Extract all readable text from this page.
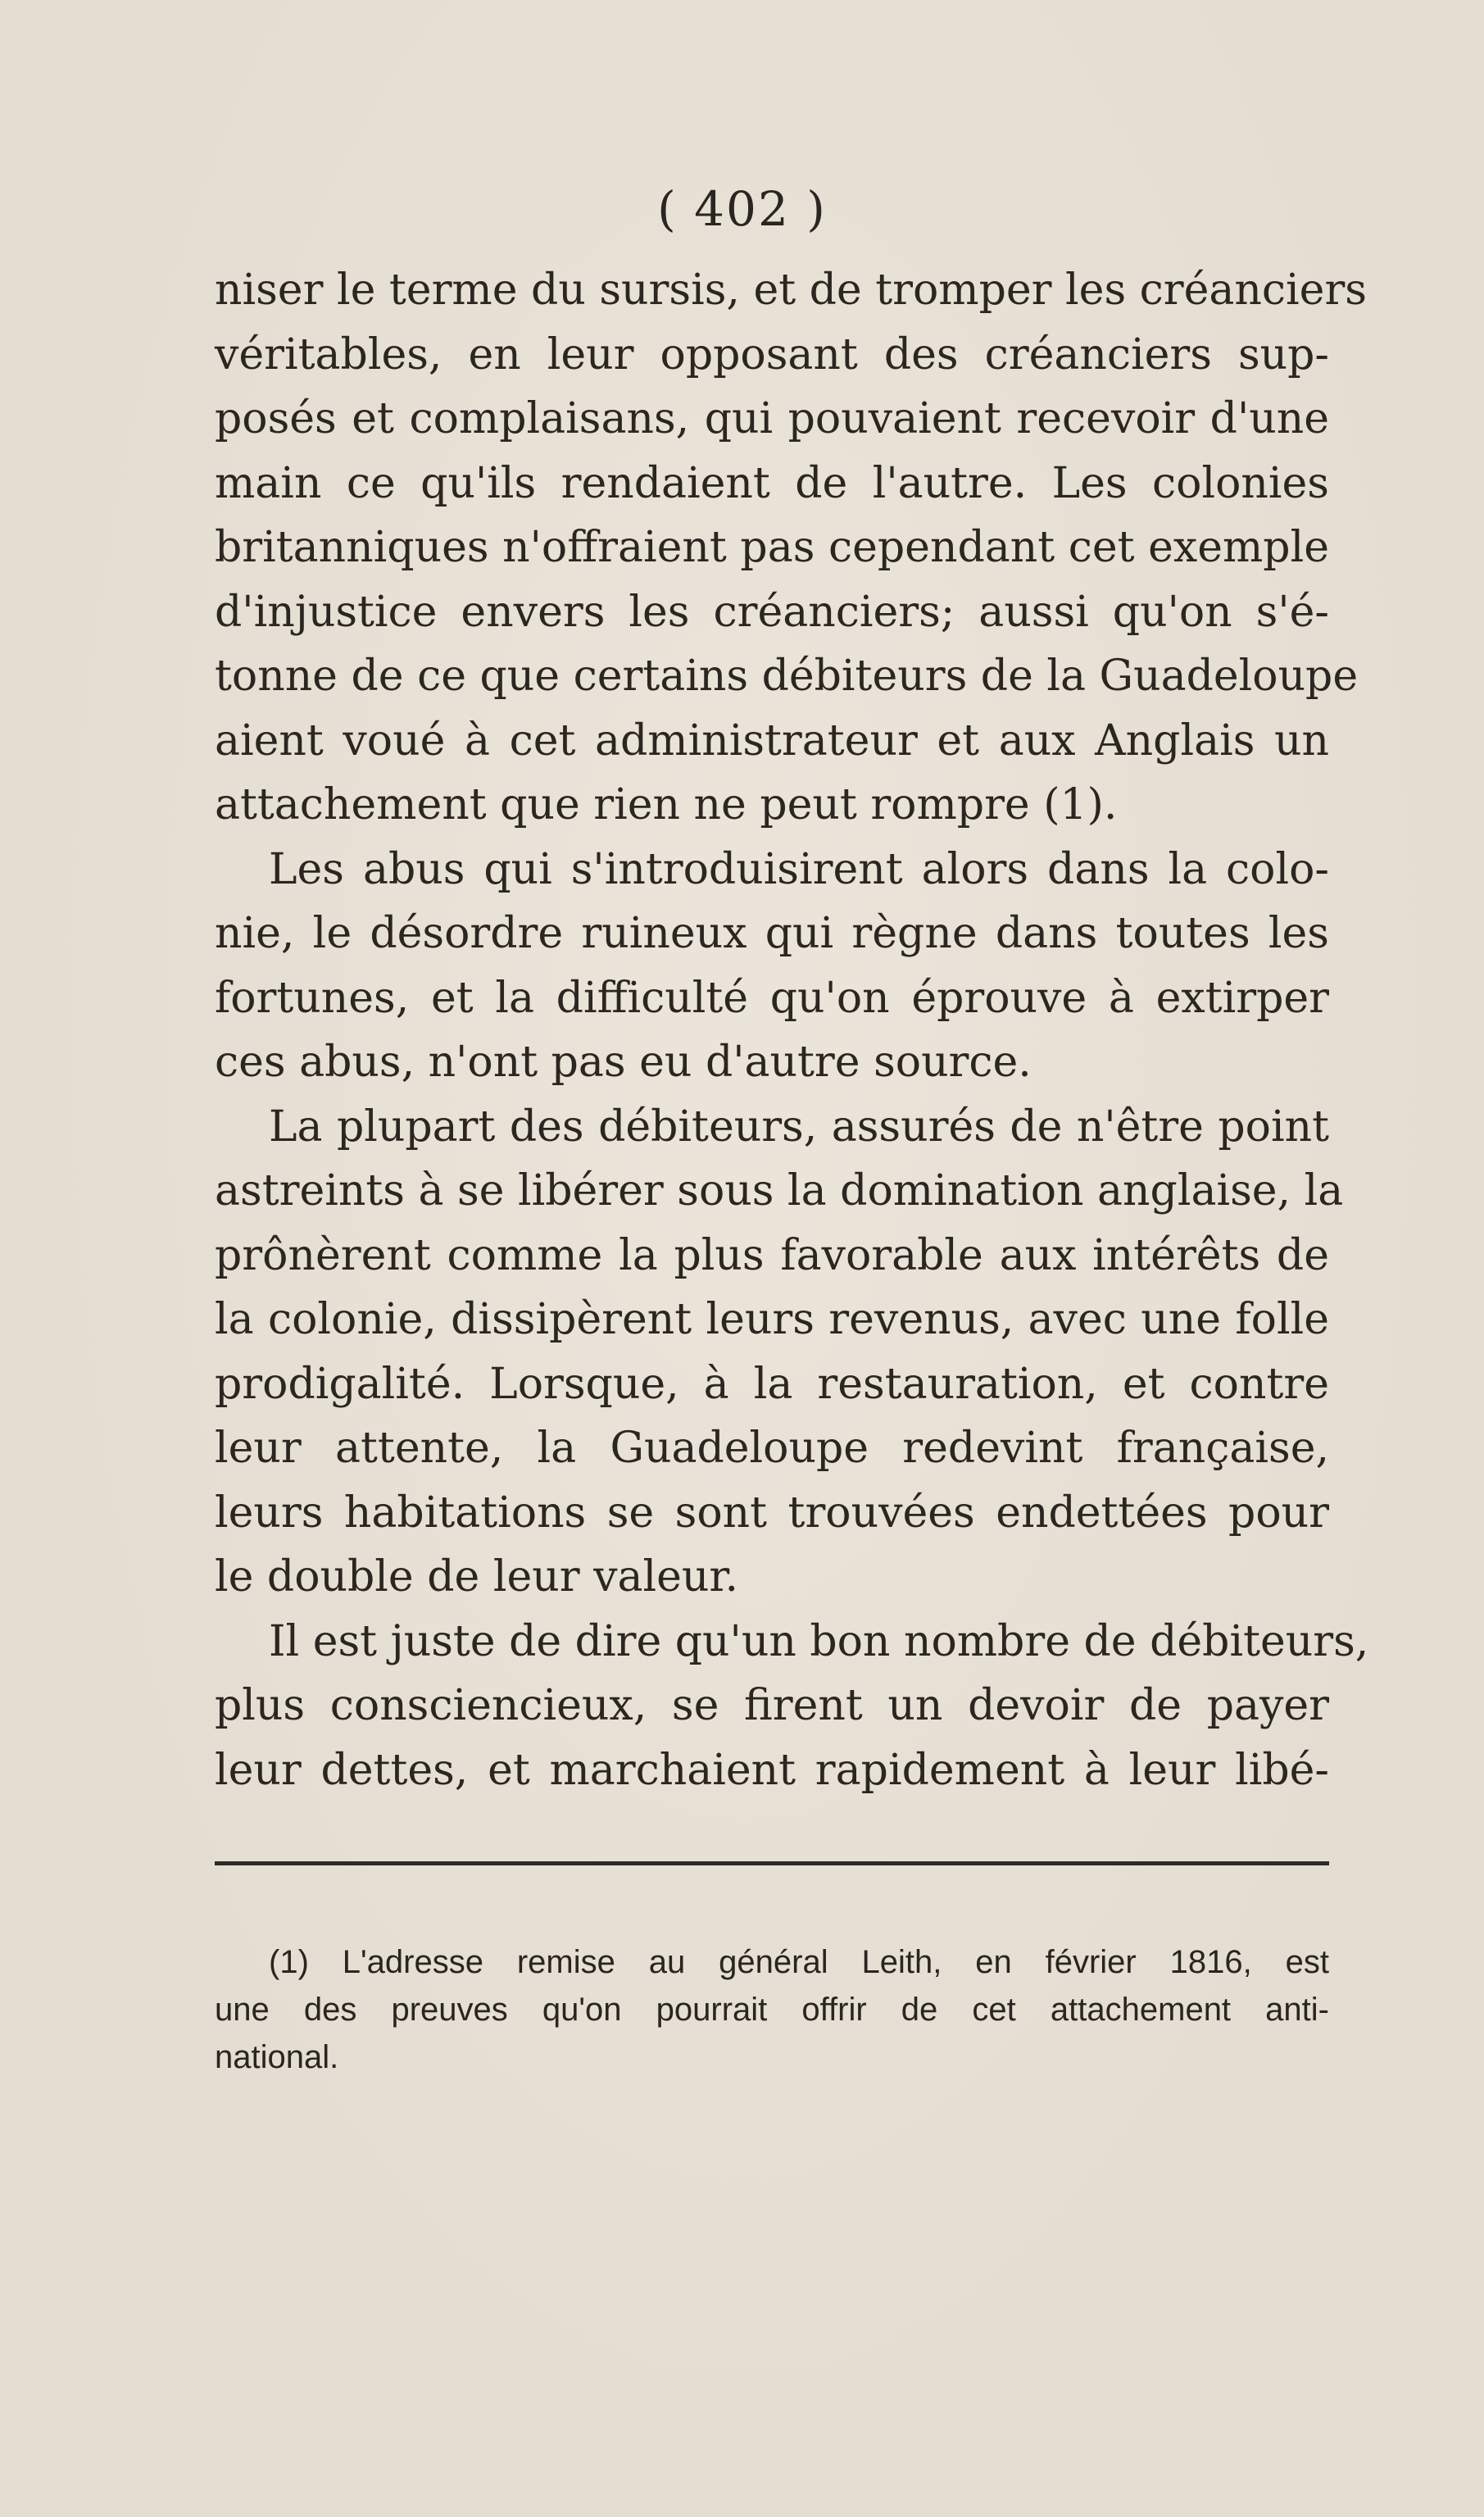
( 402 )
niser le terme du sursis, et de tromper les créanciers
véritables, en leur opposant des créanciers sup-
posés et complaisans, qui pouvaient recevoir d'une
main ce qu'ils rendaient de l'autre. Les colonies
britanniques n'offraient pas cependant cet exemple
d'injustice envers les créanciers; aussi qu'on s'é-
tonne de ce que certains débiteurs de la Guadeloupe
aient voué à cet administrateur et aux Anglais un
attachement que rien ne peut rompre (1).
Les abus qui s'introduisirent alors dans la colo-
nie, le désordre ruineux qui règne dans toutes les
fortunes, et la difficulté qu'on éprouve à extirper
ces abus, n'ont pas eu d'autre source.
La plupart des débiteurs, assurés de n'être point
astreints à se libérer sous la domination anglaise, la
prônèrent comme la plus favorable aux intérêts de
la colonie, dissipèrent leurs revenus, avec une folle
prodigalité. Lorsque, à la restauration, et contre
leur attente, la Guadeloupe redevint française,
leurs habitations se sont trouvées endettées pour
le double de leur valeur.
Il est juste de dire qu'un bon nombre de débiteurs,
plus consciencieux, se firent un devoir de payer
leur dettes, et marchaient rapidement à leur libé-
(1) L'adresse remise au général Leith, en février 1816, est
une des preuves qu'on pourrait offrir de cet attachement anti-
national.
